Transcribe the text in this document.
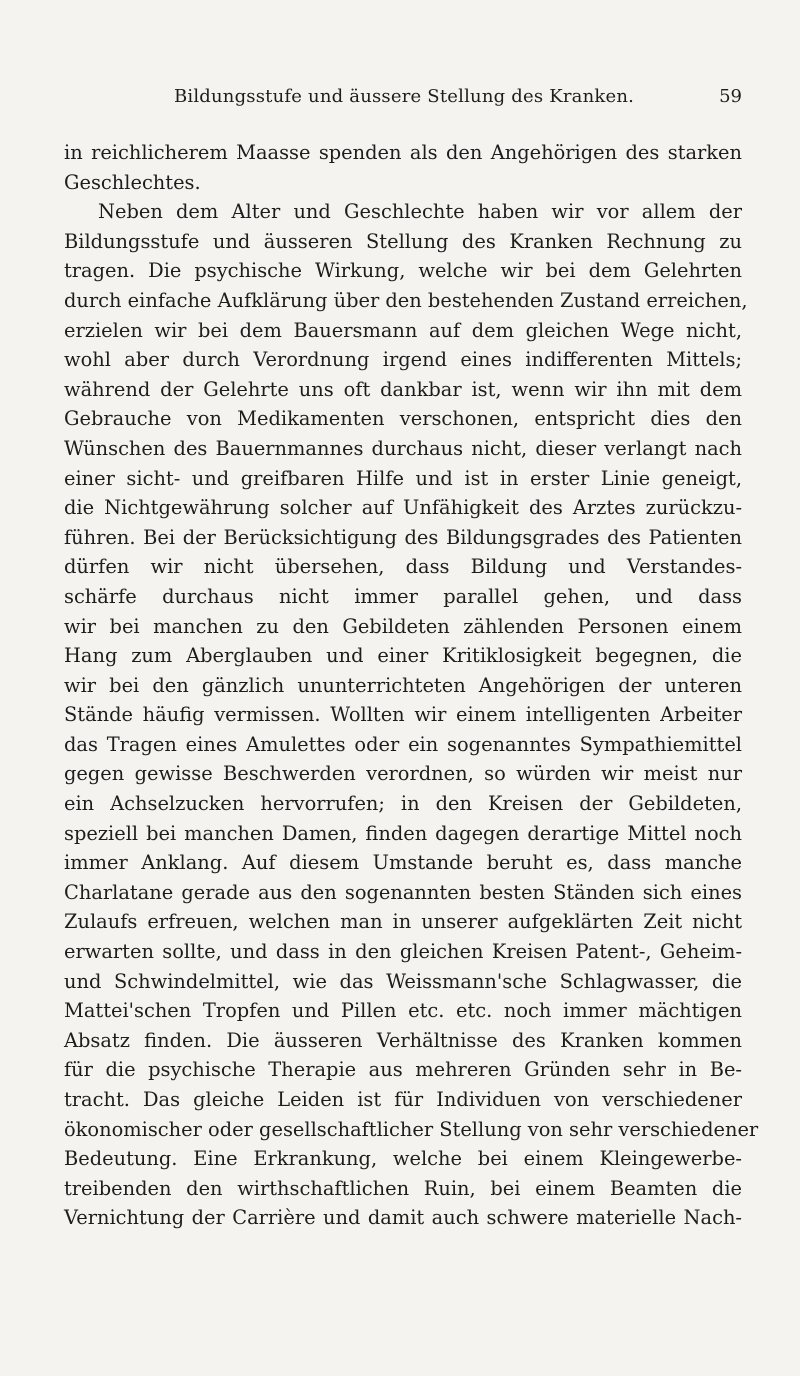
Bildungsstufe und äussere Stellung des Kranken.	59
in reichlicherem Maasse spenden als den Angehörigen des starken
Geschlechtes.
Neben dem Alter und Geschlechte haben wir vor allem der
Bildungsstufe und äusseren Stellung des Kranken Rechnung zu
tragen. Die psychische Wirkung, welche wir bei dem Gelehrten
durch einfache Aufklärung über den bestehenden Zustand erreichen,
erzielen wir bei dem Bauersmann auf dem gleichen Wege nicht,
wohl aber durch Verordnung irgend eines indifferenten Mittels;
während der Gelehrte uns oft dankbar ist, wenn wir ihn mit dem
Gebrauche von Medikamenten verschonen, entspricht dies den
Wünschen des Bauernmannes durchaus nicht, dieser verlangt nach
einer sicht- und greifbaren Hilfe und ist in erster Linie geneigt,
die Nichtgewährung solcher auf Unfähigkeit des Arztes zurückzu-
führen. Bei der Berücksichtigung des Bildungsgrades des Patienten
dürfen wir nicht übersehen, dass Bildung und Verstandes-
schärfe durchaus nicht immer parallel gehen, und dass
wir bei manchen zu den Gebildeten zählenden Personen einem
Hang zum Aberglauben und einer Kritiklosigkeit begegnen, die
wir bei den gänzlich ununterrichteten Angehörigen der unteren
Stände häufig vermissen. Wollten wir einem intelligenten Arbeiter
das Tragen eines Amulettes oder ein sogenanntes Sympathiemittel
gegen gewisse Beschwerden verordnen, so würden wir meist nur
ein Achselzucken hervorrufen; in den Kreisen der Gebildeten,
speziell bei manchen Damen, finden dagegen derartige Mittel noch
immer Anklang. Auf diesem Umstande beruht es, dass manche
Charlatane gerade aus den sogenannten besten Ständen sich eines
Zulaufs erfreuen, welchen man in unserer aufgeklärten Zeit nicht
erwarten sollte, und dass in den gleichen Kreisen Patent-, Geheim-
und Schwindelmittel, wie das Weissmann'sche Schlagwasser, die
Mattei'schen Tropfen und Pillen etc. etc. noch immer mächtigen
Absatz finden. Die äusseren Verhältnisse des Kranken kommen
für die psychische Therapie aus mehreren Gründen sehr in Be-
tracht. Das gleiche Leiden ist für Individuen von verschiedener
ökonomischer oder gesellschaftlicher Stellung von sehr verschiedener
Bedeutung. Eine Erkrankung, welche bei einem Kleingewerbe-
treibenden den wirthschaftlichen Ruin, bei einem Beamten die
Vernichtung der Carrière und damit auch schwere materielle Nach-
